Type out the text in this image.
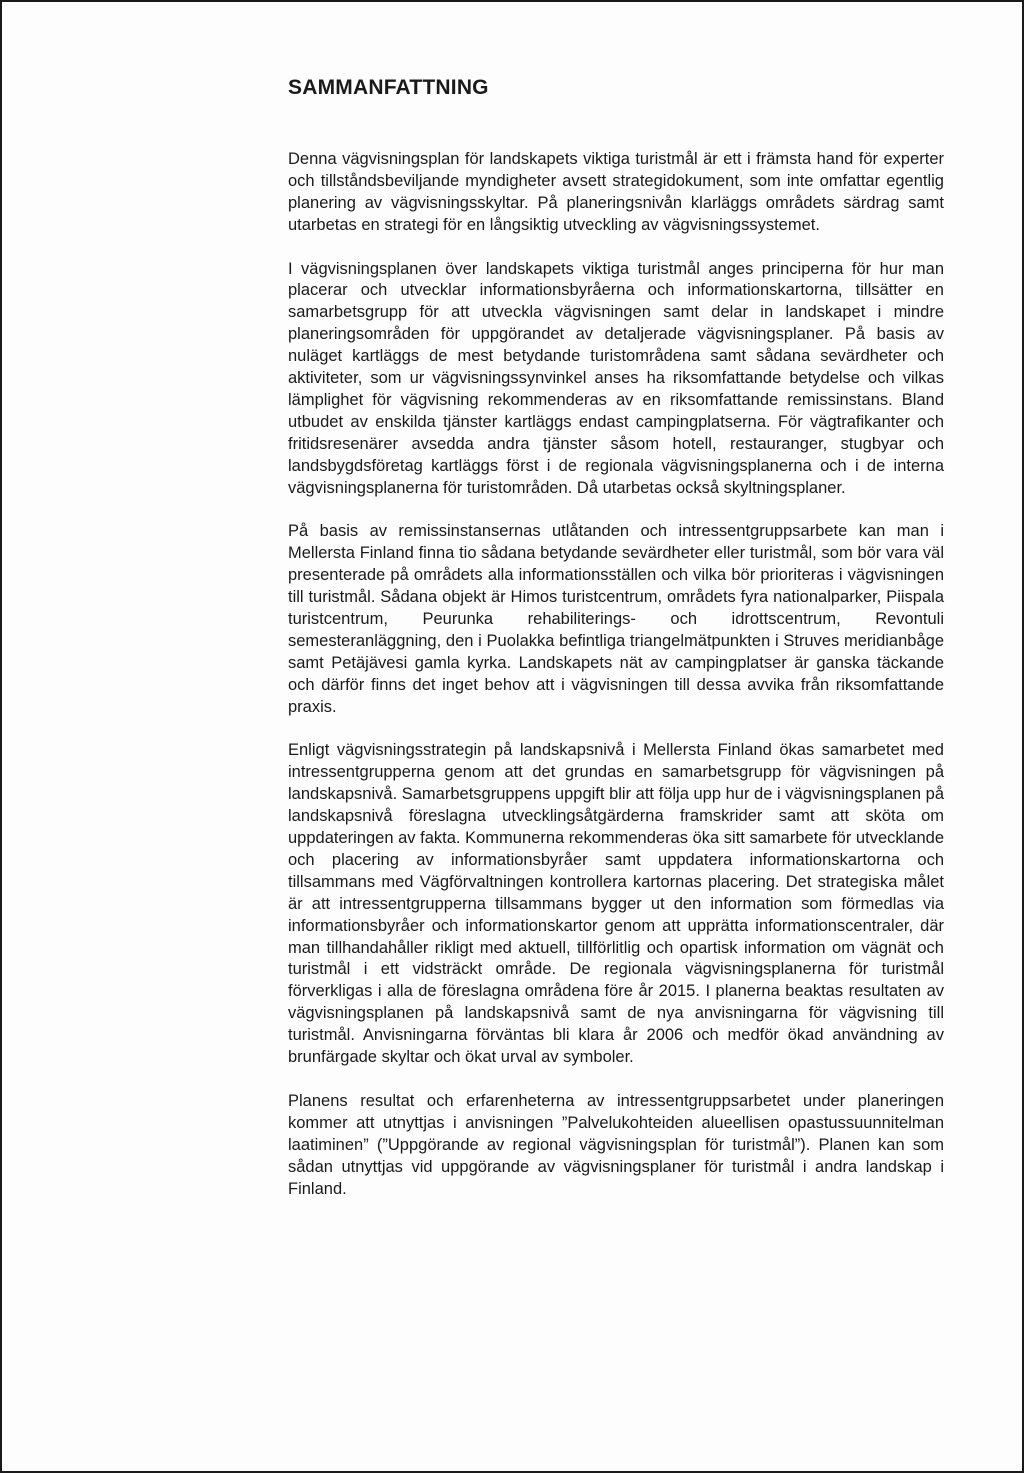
SAMMANFATTNING

Denna vägvisningsplan för landskapets viktiga turistmål är ett i främsta hand för experter och tillståndsbeviljande myndigheter avsett strategidokument, som inte omfattar egentlig planering av vägvisningsskyltar. På planeringsnivån klarläggs områdets särdrag samt utarbetas en strategi för en långsiktig utveckling av vägvisningssystemet.

I vägvisningsplanen över landskapets viktiga turistmål anges principerna för hur man placerar och utvecklar informationsbyråerna och informationskartorna, tillsätter en samarbetsgrupp för att utveckla vägvisningen samt delar in landskapet i mindre planeringsområden för uppgörandet av detaljerade vägvisningsplaner. På basis av nuläget kartläggs de mest betydande turistområdena samt sådana sevärdheter och aktiviteter, som ur vägvisningssynvinkel anses ha riksomfattande betydelse och vilkas lämplighet för vägvisning rekommenderas av en riksomfattande remissinstans. Bland utbudet av enskilda tjänster kartläggs endast campingplatserna. För vägtrafikanter och fritidsresenärer avsedda andra tjänster såsom hotell, restauranger, stugbyar och landsbygdsföretag kartläggs först i de regionala vägvisningsplanerna och i de interna vägvisningsplanerna för turistområden. Då utarbetas också skyltningsplaner.

På basis av remissinstansernas utlåtanden och intressentgruppsarbete kan man i Mellersta Finland finna tio sådana betydande sevärdheter eller turistmål, som bör vara väl presenterade på områdets alla informationsställen och vilka bör prioriteras i vägvisningen till turistmål. Sådana objekt är Himos turistcentrum, områdets fyra nationalparker, Piispala turistcentrum, Peurunka rehabiliterings- och idrottscentrum, Revontuli semesteranläggning, den i Puolakka befintliga triangelmätpunkten i Struves meridianbåge samt Petäjävesi gamla kyrka. Landskapets nät av campingplatser är ganska täckande och därför finns det inget behov att i vägvisningen till dessa avvika från riksomfattande praxis.

Enligt vägvisningsstrategin på landskapsnivå i Mellersta Finland ökas samarbetet med intressentgrupperna genom att det grundas en samarbetsgrupp för vägvisningen på landskapsnivå. Samarbetsgruppens uppgift blir att följa upp hur de i vägvisningsplanen på landskapsnivå föreslagna utvecklingsåtgärderna framskrider samt att sköta om uppdateringen av fakta. Kommunerna rekommenderas öka sitt samarbete för utvecklande och placering av informationsbyråer samt uppdatera informationskartorna och tillsammans med Vägförvaltningen kontrollera kartornas placering. Det strategiska målet är att intressentgrupperna tillsammans bygger ut den information som förmedlas via informationsbyråer och informationskartor genom att upprätta informationscentraler, där man tillhandahåller rikligt med aktuell, tillförlitlig och opartisk information om vägnät och turistmål i ett vidsträckt område. De regionala vägvisningsplanerna för turistmål förverkligas i alla de föreslagna områdena före år 2015. I planerna beaktas resultaten av vägvisningsplanen på landskapsnivå samt de nya anvisningarna för vägvisning till turistmål. Anvisningarna förväntas bli klara år 2006 och medför ökad användning av brunfärgade skyltar och ökat urval av symboler.

Planens resultat och erfarenheterna av intressentgruppsarbetet under planeringen kommer att utnyttjas i anvisningen ”Palvelukohteiden alueellisen opastussuunnitelman laatiminen” (”Uppgörande av regional vägvisningsplan för turistmål”). Planen kan som sådan utnyttjas vid uppgörande av vägvisningsplaner för turistmål i andra landskap i Finland.
